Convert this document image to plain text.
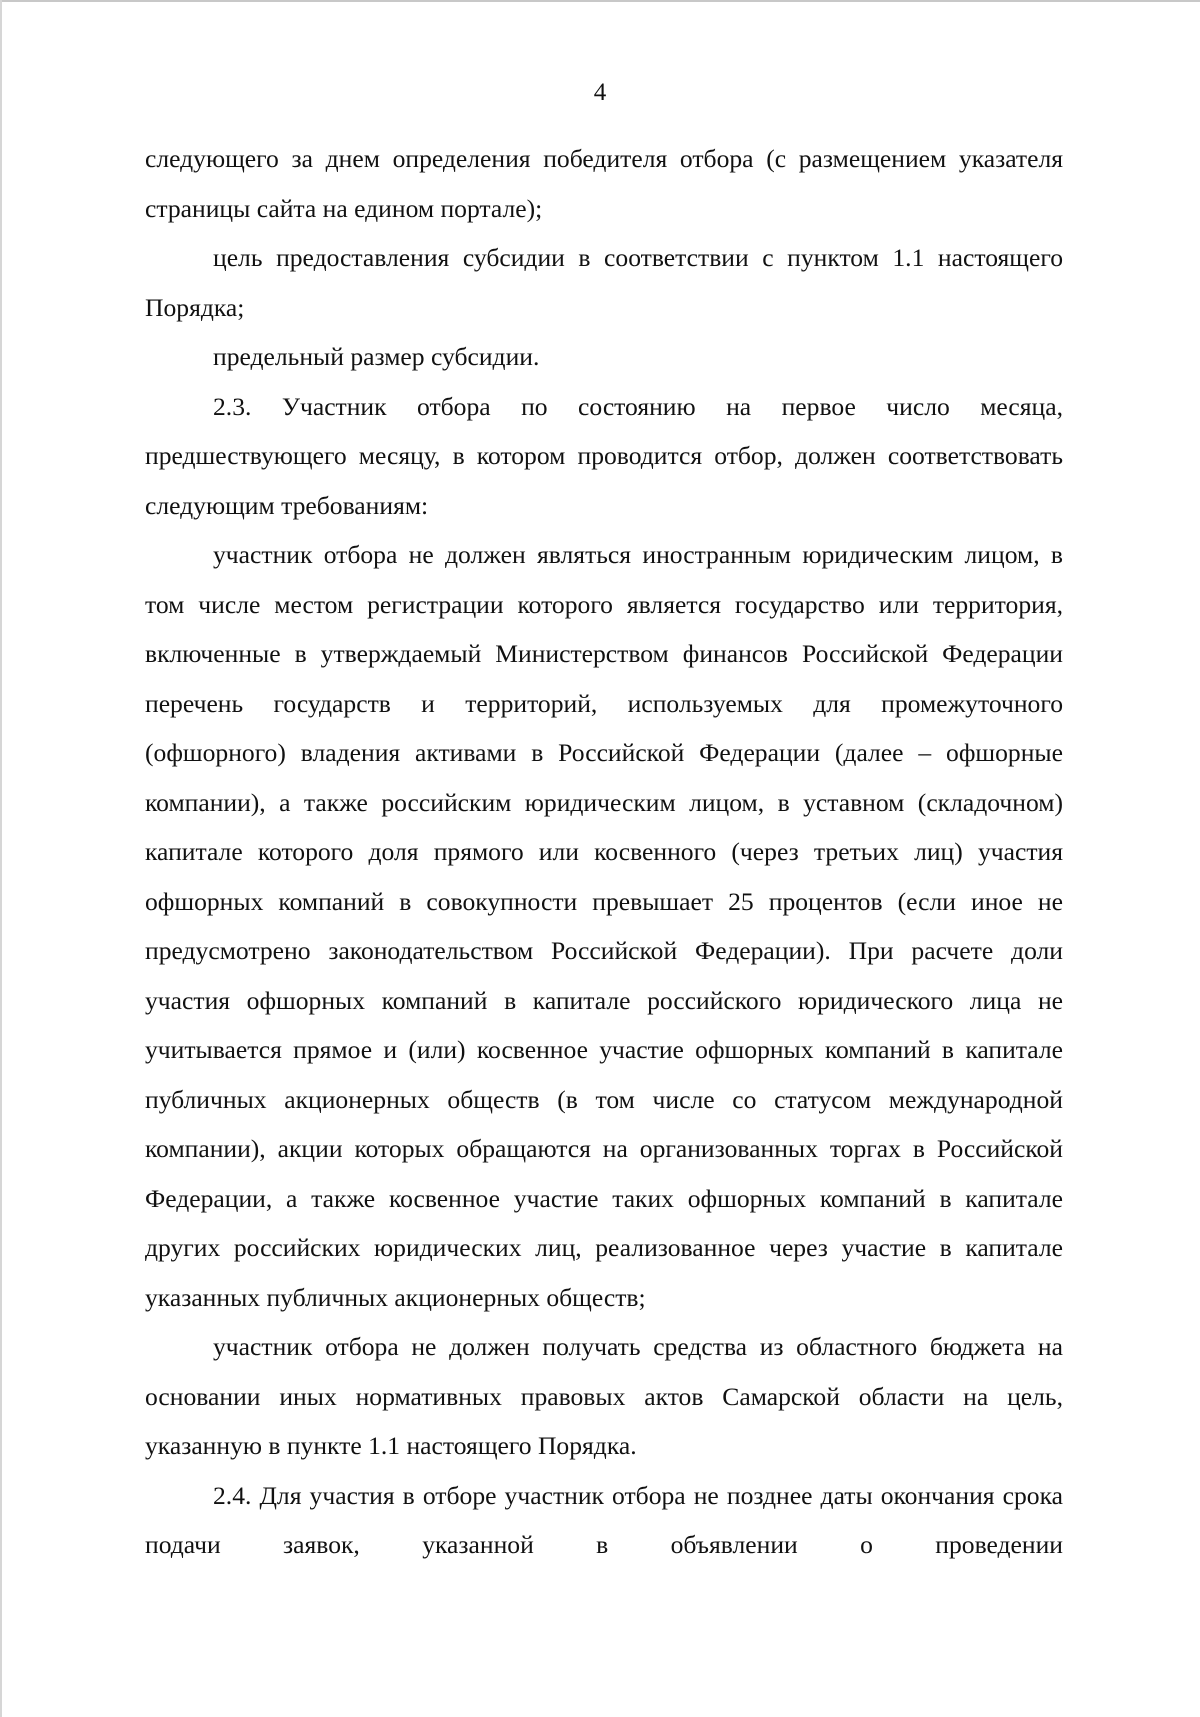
4

следующего за днем определения победителя отбора (с размещением указателя страницы сайта на едином портале);

цель предоставления субсидии в соответствии с пунктом 1.1 настоящего Порядка;

предельный размер субсидии.

2.3. Участник отбора по состоянию на первое число месяца, предшествующего месяцу, в котором проводится отбор, должен соответствовать следующим требованиям:

участник отбора не должен являться иностранным юридическим лицом, в том числе местом регистрации которого является государство или территория, включенные в утверждаемый Министерством финансов Российской Федерации перечень государств и территорий, используемых для промежуточного (офшорного) владения активами в Российской Федерации (далее – офшорные компании), а также российским юридическим лицом, в уставном (складочном) капитале которого доля прямого или косвенного (через третьих лиц) участия офшорных компаний в совокупности превышает 25 процентов (если иное не предусмотрено законодательством Российской Федерации). При расчете доли участия офшорных компаний в капитале российского юридического лица не учитывается прямое и (или) косвенное участие офшорных компаний в капитале публичных акционерных обществ (в том числе со статусом международной компании), акции которых обращаются на организованных торгах в Российской Федерации, а также косвенное участие таких офшорных компаний в капитале других российских юридических лиц, реализованное через участие в капитале указанных публичных акционерных обществ;

участник отбора не должен получать средства из областного бюджета на основании иных нормативных правовых актов Самарской области на цель, указанную в пункте 1.1 настоящего Порядка.

2.4. Для участия в отборе участник отбора не позднее даты окончания срока подачи заявок, указанной в объявлении о проведении
